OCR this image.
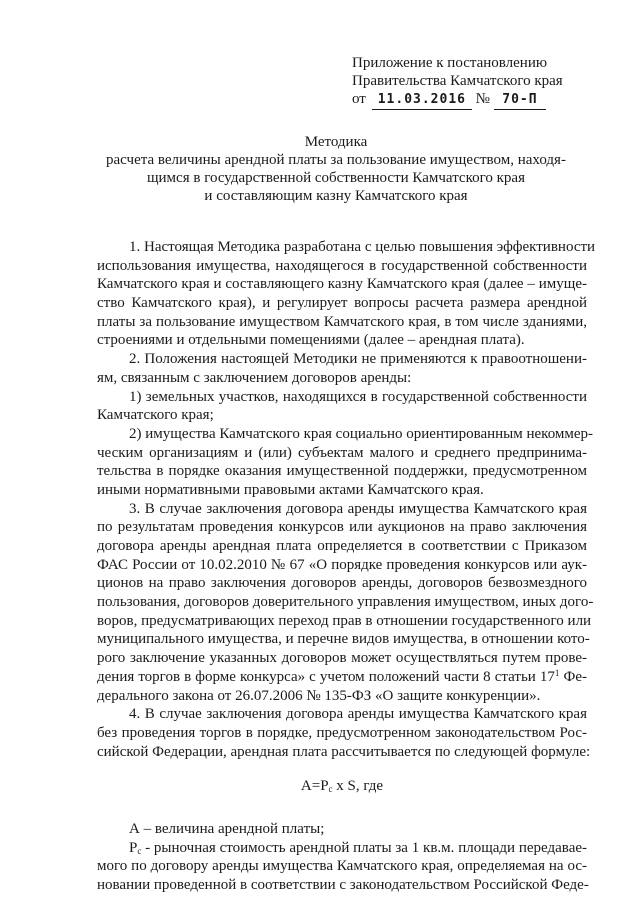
Приложение к постановлению
Правительства Камчатского края
от 11.03.2016 № 70-П
Методика
расчета величины арендной платы за пользование имуществом, находя-
щимся в государственной собственности Камчатского края
и составляющим казну Камчатского края
1. Настоящая Методика разработана с целью повышения эффективности
использования имущества, находящегося в государственной собственности
Камчатского края и составляющего казну Камчатского края (далее – имуще-
ство Камчатского края), и регулирует вопросы расчета размера арендной
платы за пользование имуществом Камчатского края, в том числе зданиями,
строениями и отдельными помещениями (далее – арендная плата).
2. Положения настоящей Методики не применяются к правоотношени-
ям, связанным с заключением договоров аренды:
1) земельных участков, находящихся в государственной собственности
Камчатского края;
2) имущества Камчатского края социально ориентированным некоммер-
ческим организациям и (или) субъектам малого и среднего предпринима-
тельства в порядке оказания имущественной поддержки, предусмотренном
иными нормативными правовыми актами Камчатского края.
3. В случае заключения договора аренды имущества Камчатского края
по результатам проведения конкурсов или аукционов на право заключения
договора аренды арендная плата определяется в соответствии с Приказом
ФАС России от 10.02.2010 № 67 «О порядке проведения конкурсов или аук-
ционов на право заключения договоров аренды, договоров безвозмездного
пользования, договоров доверительного управления имуществом, иных дого-
воров, предусматривающих переход прав в отношении государственного или
муниципального имущества, и перечне видов имущества, в отношении кото-
рого заключение указанных договоров может осуществляться путем прове-
дения торгов в форме конкурса» с учетом положений части 8 статьи $17^1$ Фе-
дерального закона от 26.07.2006 № 135-ФЗ «О защите конкуренции».
4. В случае заключения договора аренды имущества Камчатского края
без проведения торгов в порядке, предусмотренном законодательством Рос-
сийской Федерации, арендная плата рассчитывается по следующей формуле:
$А=Р_с$ x S, где
А – величина арендной платы;
$Р_с$ - рыночная стоимость арендной платы за 1 кв.м. площади передавае-
мого по договору аренды имущества Камчатского края, определяемая на ос-
новании проведенной в соответствии с законодательством Российской Феде-
